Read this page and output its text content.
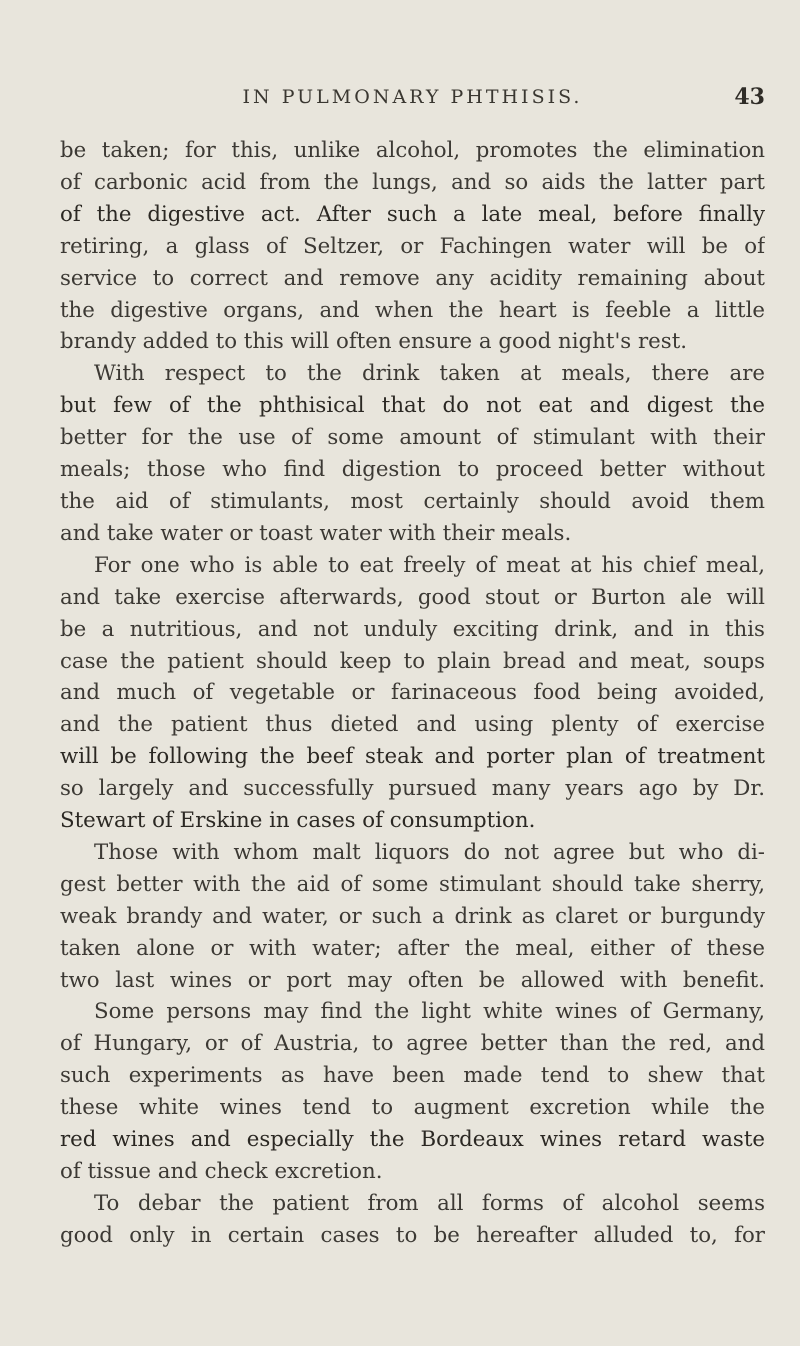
IN PULMONARY PHTHISIS.	43
be taken; for this, unlike alcohol, promotes the elimination
of carbonic acid from the lungs, and so aids the latter part
of the digestive act. After such a late meal, before finally
retiring, a glass of Seltzer, or Fachingen water will be of
service to correct and remove any acidity remaining about
the digestive organs, and when the heart is feeble a little
brandy added to this will often ensure a good night's rest.
With respect to the drink taken at meals, there are
but few of the phthisical that do not eat and digest the
better for the use of some amount of stimulant with their
meals; those who find digestion to proceed better without
the aid of stimulants, most certainly should avoid them
and take water or toast water with their meals.
For one who is able to eat freely of meat at his chief meal,
and take exercise afterwards, good stout or Burton ale will
be a nutritious, and not unduly exciting drink, and in this
case the patient should keep to plain bread and meat, soups
and much of vegetable or farinaceous food being avoided,
and the patient thus dieted and using plenty of exercise
will be following the beef steak and porter plan of treatment
so largely and successfully pursued many years ago by Dr.
Stewart of Erskine in cases of consumption.
Those with whom malt liquors do not agree but who di-
gest better with the aid of some stimulant should take sherry,
weak brandy and water, or such a drink as claret or burgundy
taken alone or with water; after the meal, either of these
two last wines or port may often be allowed with benefit.
Some persons may find the light white wines of Germany,
of Hungary, or of Austria, to agree better than the red, and
such experiments as have been made tend to shew that
these white wines tend to augment excretion while the
red wines and especially the Bordeaux wines retard waste
of tissue and check excretion.
To debar the patient from all forms of alcohol seems
good only in certain cases to be hereafter alluded to, for
